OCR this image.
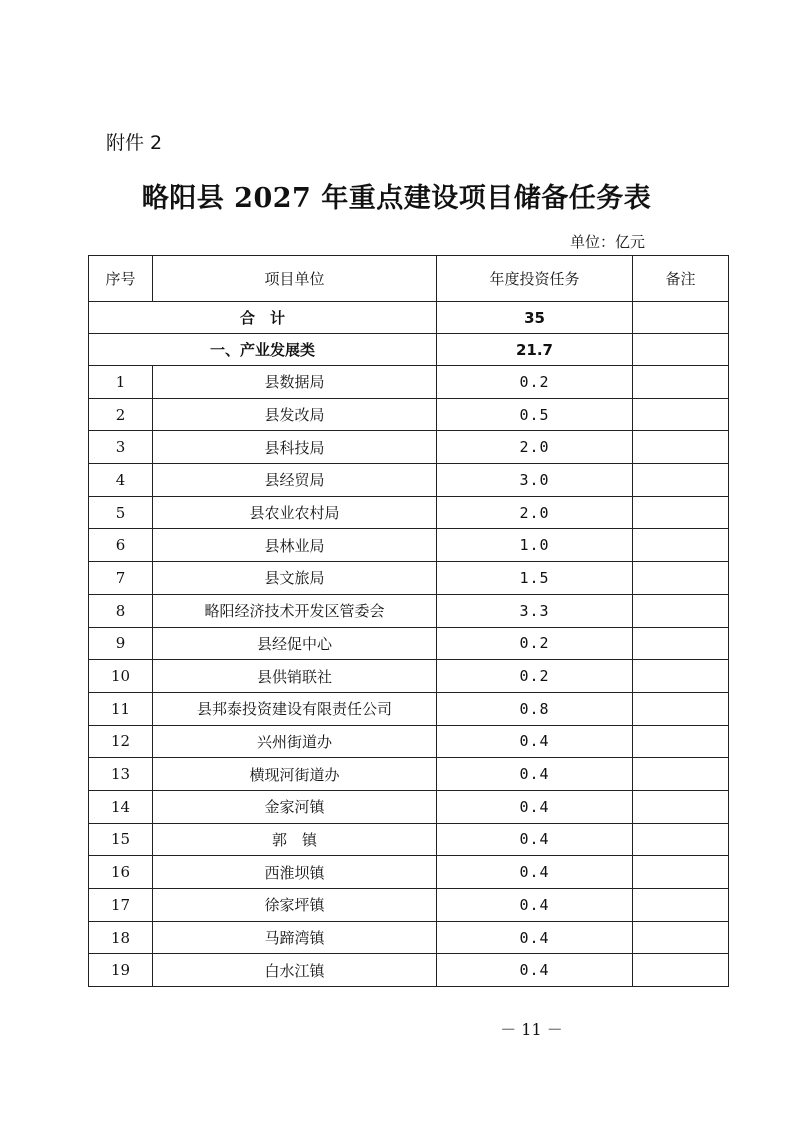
附件 2
略阳县 2027 年重点建设项目储备任务表
单位：亿元
序号	项目单位	年度投资任务	备注
合　计		35	
一、产业发展类		21.7	
1	县数据局	0.2	
2	县发改局	0.5	
3	县科技局	2.0	
4	县经贸局	3.0	
5	县农业农村局	2.0	
6	县林业局	1.0	
7	县文旅局	1.5	
8	略阳经济技术开发区管委会	3.3	
9	县经促中心	0.2	
10	县供销联社	0.2	
11	县邦泰投资建设有限责任公司	0.8	
12	兴州街道办	0.4	
13	横现河街道办	0.4	
14	金家河镇	0.4	
15	郭　镇	0.4	
16	西淮坝镇	0.4	
17	徐家坪镇	0.4	
18	马蹄湾镇	0.4	
19	白水江镇	0.4	
－ 11 －
